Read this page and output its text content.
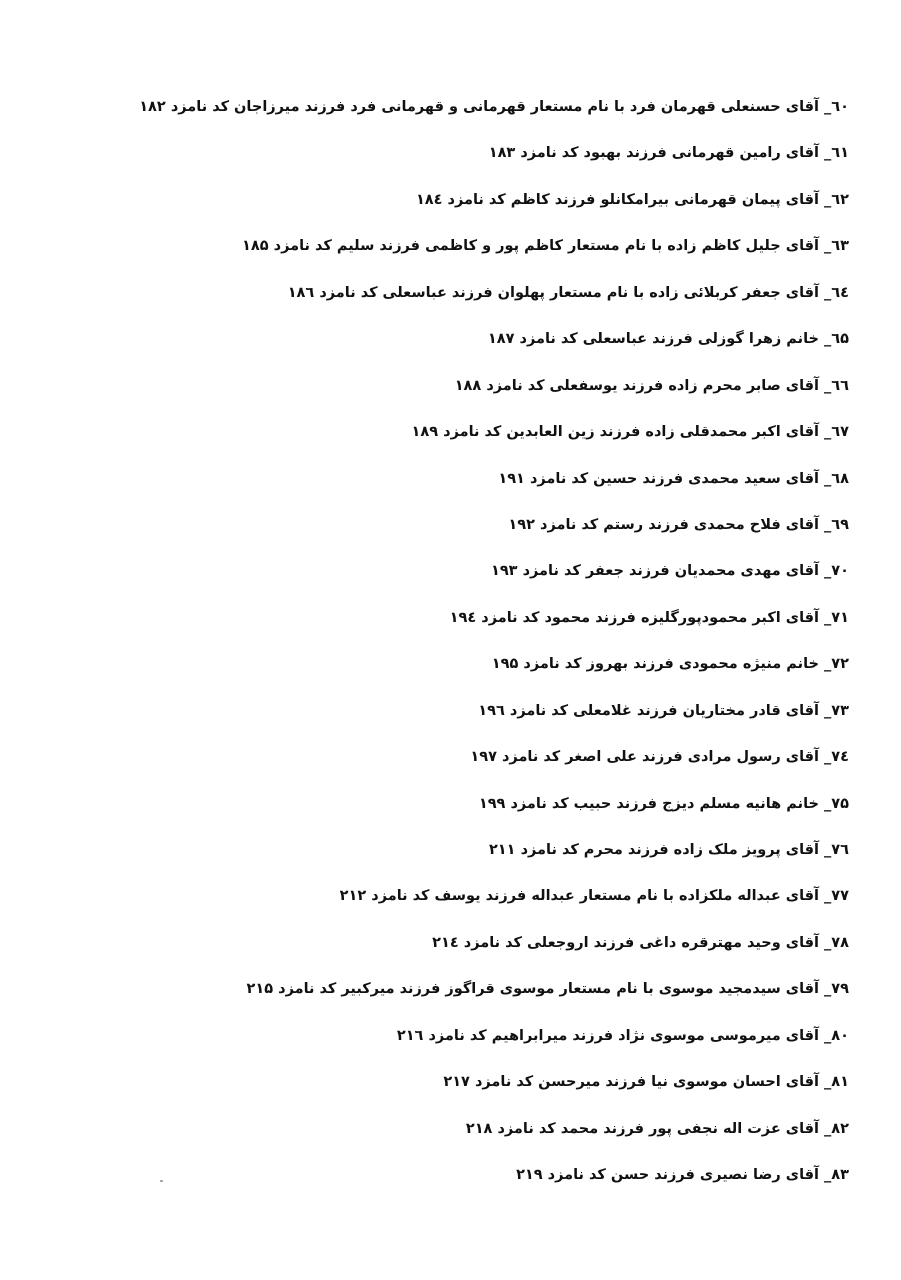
٦٠_ آقای حسنعلی قهرمان فرد با نام مستعار قهرمانی و قهرمانی فرد فرزند میرزاجان کد نامزد ۱۸۲
٦١_ آقای رامین قهرمانی فرزند بهبود کد نامزد ۱۸۳
٦٢_ آقای پیمان قهرمانی بیرامکانلو فرزند کاظم کد نامزد ۱۸٤
٦٣_ آقای جلیل کاظم زاده با نام مستعار کاظم پور و کاظمی فرزند سلیم کد نامزد ۱۸۵
٦٤_ آقای جعفر کربلائی زاده با نام مستعار پهلوان فرزند عباسعلی کد نامزد ۱۸٦
٦۵_ خانم زهرا گوزلی فرزند عباسعلی کد نامزد ۱۸۷
٦٦_ آقای صابر محرم زاده فرزند یوسفعلی کد نامزد ۱۸۸
٦٧_ آقای اکبر محمدقلی زاده فرزند زین العابدین کد نامزد ۱۸۹
٦٨_ آقای سعید محمدی فرزند حسین کد نامزد ۱۹۱
٦٩_ آقای فلاح محمدی فرزند رستم کد نامزد ۱۹۲
٧٠_ آقای مهدی محمدیان فرزند جعفر کد نامزد ۱۹۳
٧١_ آقای اکبر محمودپورگلیزه فرزند محمود کد نامزد ۱۹٤
٧٢_ خانم منیژه محمودی فرزند بهروز کد نامزد ۱۹۵
٧٣_ آقای قادر مختاریان فرزند غلامعلی کد نامزد ۱۹٦
٧٤_ آقای رسول مرادی فرزند علی اصغر کد نامزد ۱۹۷
٧۵_ خانم هانیه مسلم دیزج فرزند حبیب کد نامزد ۱۹۹
٧٦_ آقای پرویز ملک زاده فرزند محرم کد نامزد ۲۱۱
٧٧_ آقای عبداله ملکزاده با نام مستعار عبداله فرزند یوسف کد نامزد ۲۱۲
٧٨_ آقای وحید مهترقره داغی فرزند اروجعلی کد نامزد ۲۱٤
٧٩_ آقای سیدمجید موسوی با نام مستعار موسوی قراگوز فرزند میرکبیر کد نامزد ۲۱۵
٨٠_ آقای میرموسی موسوی نژاد فرزند میرابراهیم کد نامزد ۲۱٦
٨١_ آقای احسان موسوی نیا فرزند میرحسن کد نامزد ۲۱۷
٨٢_ آقای عزت اله نجفی پور فرزند محمد کد نامزد ۲۱۸
٨٣_ آقای رضا نصیری فرزند حسن کد نامزد ۲۱۹
